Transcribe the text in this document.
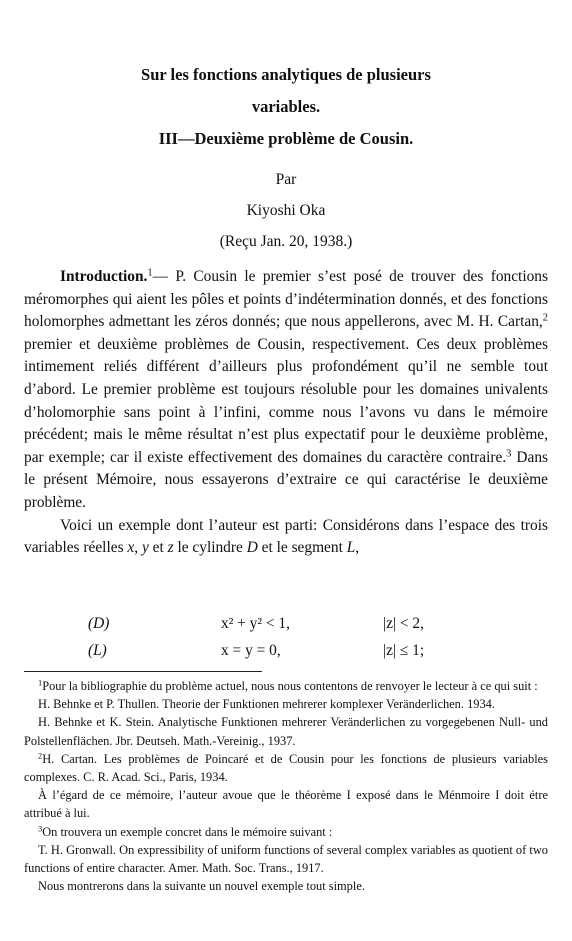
Sur les fonctions analytiques de plusieurs
variables.
III—Deuxième problème de Cousin.
Par
Kiyoshi Oka
(Reçu Jan. 20, 1938.)

Introduction.$^1$— P. Cousin le premier s’est posé de trouver des fonctions méromorphes qui aient les pôles et points d’indétermination donnés, et des fonctions holomorphes admettant les zéros donnés; que nous appellerons, avec M. H. Cartan,$^2$ premier et deuxième problèmes de Cousin, respectivement. Ces deux problèmes intimement reliés différent d’ailleurs plus profondément qu’il ne semble tout d’abord. Le premier problème est toujours résoluble pour les domaines univalents d’holomorphie sans point à l’infini, comme nous l’avons vu dans le mémoire précédent; mais le même résultat n’est plus expectatif pour le deuxième problème, par exemple; car il existe effectivement des domaines du caractère contraire.$^3$ Dans le présent Mémoire, nous essayerons d’extraire ce qui caractérise le deuxième problème.

Voici un exemple dont l’auteur est parti: Considérons dans l’espace des trois variables réelles x, y et z le cylindre D et le segment L,

(D)	x² + y² < 1,	|z| < 2,
(L)	x = y = 0,	|z| ≤ 1;

$^1$Pour la bibliographie du problème actuel, nous nous contentons de renvoyer le lecteur à ce qui suit :

H. Behnke et P. Thullen. Theorie der Funktionen mehrerer komplexer Veränderlichen. 1934.

H. Behnke et K. Stein. Analytische Funktionen mehrerer Veränderlichen zu vorgegebenen Null- und Polstellenflächen. Jbr. Deutseh. Math.-Vereinig., 1937.

$^2$H. Cartan. Les problèmes de Poincaré et de Cousin pour les fonctions de plusieurs variables complexes. C. R. Acad. Sci., Paris, 1934.

À l’égard de ce mémoire, l’auteur avoue que le théorème I exposé dans le Ménmoire I doit étre attribué à lui.

$^3$On trouvera un exemple concret dans le mémoire suivant :

T. H. Gronwall. On expressibility of uniform functions of several complex variables as quotient of two functions of entire character. Amer. Math. Soc. Trans., 1917.

Nous montrerons dans la suivante un nouvel exemple tout simple.
